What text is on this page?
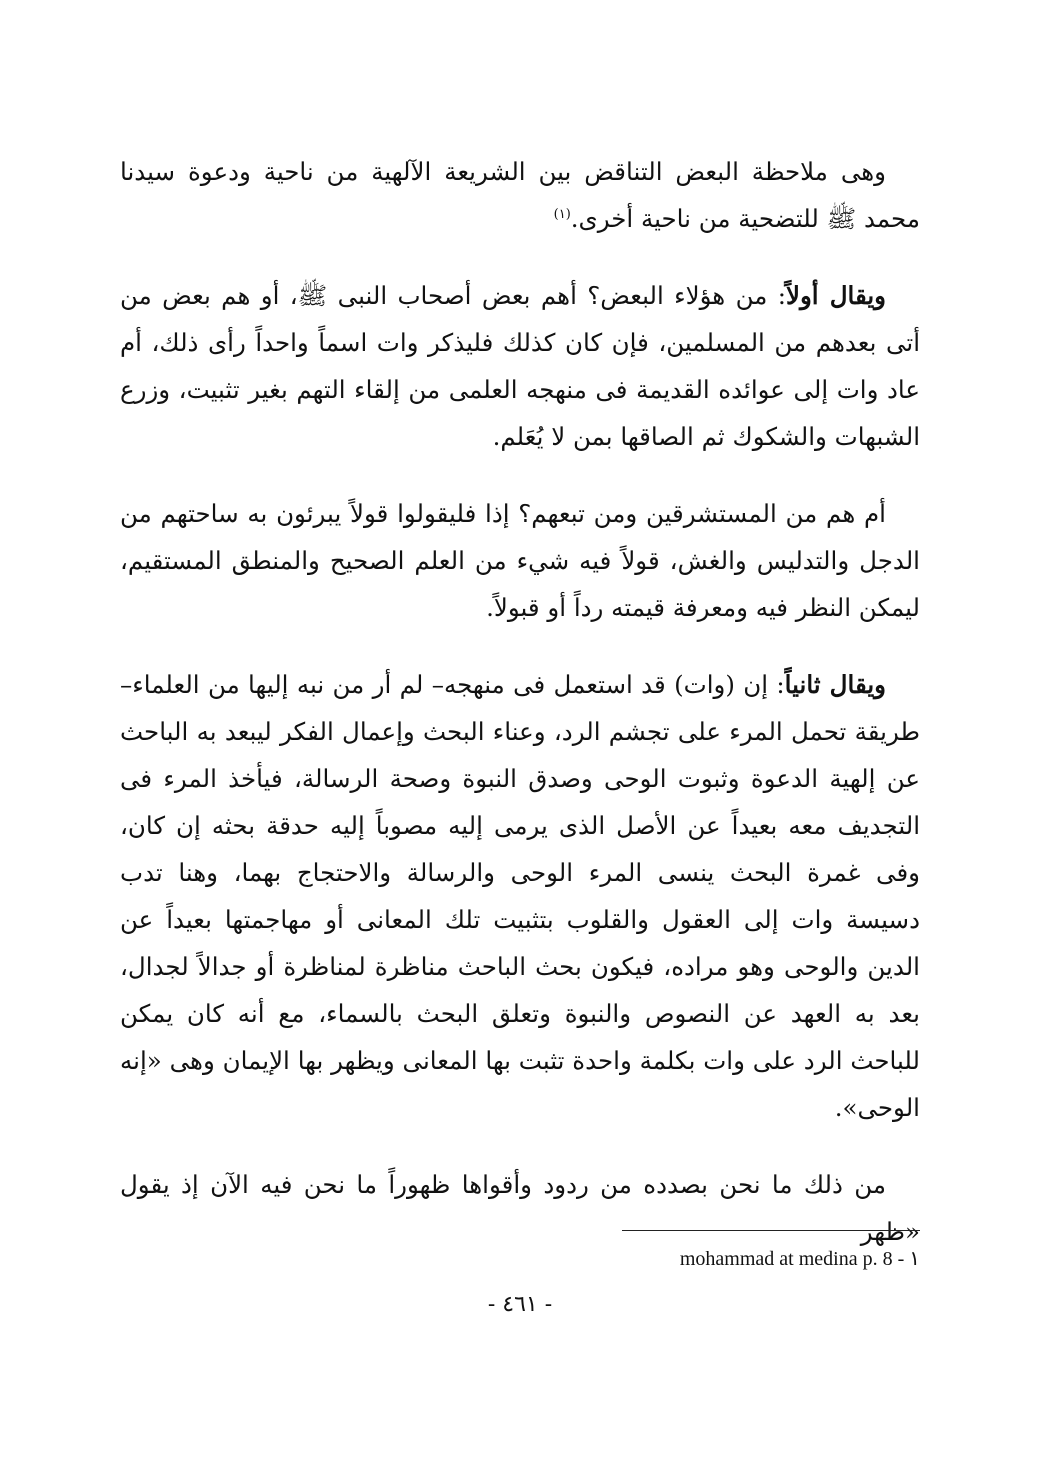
وهى ملاحظة البعض التناقض بين الشريعة الآلهية من ناحية ودعوة سيدنا محمد ﷺ للتضحية من ناحية أخرى.$^{(١)}$

ويقال أولاً: من هؤلاء البعض؟ أهم بعض أصحاب النبى ﷺ، أو هم بعض من أتى بعدهم من المسلمين، فإن كان كذلك فليذكر وات اسماً واحداً رأى ذلك، أم عاد وات إلى عوائده القديمة فى منهجه العلمى من إلقاء التهم بغير تثبيت، وزرع الشبهات والشكوك ثم الصاقها بمن لا يُعَلم.

أم هم من المستشرقين ومن تبعهم؟ إذا فليقولوا قولاً يبرئون به ساحتهم من الدجل والتدليس والغش، قولاً فيه شيء من العلم الصحيح والمنطق المستقيم، ليمكن النظر فيه ومعرفة قيمته رداً أو قبولاً.

ويقال ثانياً: إن (وات) قد استعمل فى منهجه– لم أر من نبه إليها من العلماء– طريقة تحمل المرء على تجشم الرد، وعناء البحث وإعمال الفكر ليبعد به الباحث عن إلهية الدعوة وثبوت الوحى وصدق النبوة وصحة الرسالة، فيأخذ المرء فى التجديف معه بعيداً عن الأصل الذى يرمى إليه مصوباً إليه حدقة بحثه إن كان، وفى غمرة البحث ينسى المرء الوحى والرسالة والاحتجاج بهما، وهنا تدب دسيسة وات إلى العقول والقلوب بتثبيت تلك المعانى أو مهاجمتها بعيداً عن الدين والوحى وهو مراده، فيكون بحث الباحث مناظرة لمناظرة أو جدالاً لجدال، بعد به العهد عن النصوص والنبوة وتعلق البحث بالسماء، مع أنه كان يمكن للباحث الرد على وات بكلمة واحدة تثبت بها المعانى ويظهر بها الإيمان وهى «إنه الوحى».

من ذلك ما نحن بصدده من ردود وأقواها ظهوراً ما نحن فيه الآن إذ يقول «ظهر

mohammad at medina p. 8 - ١
- ٤٦١ -
